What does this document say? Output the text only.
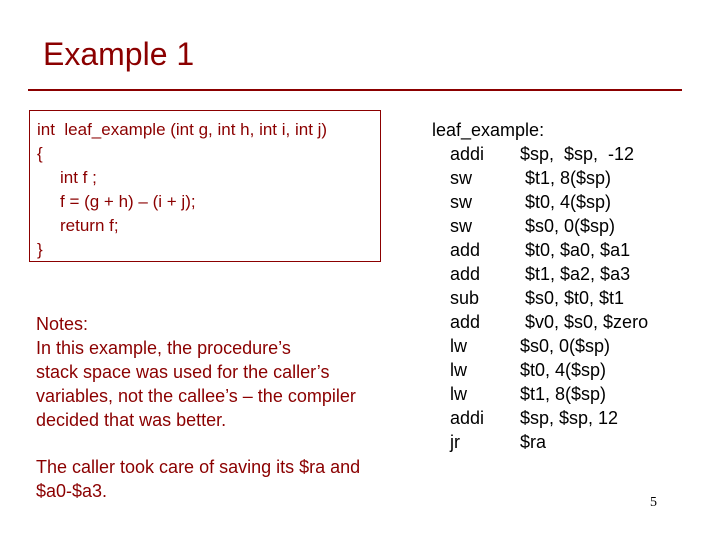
Example 1
int  leaf_example (int g, int h, int i, int j)
{
int f ;
f = (g + h) – (i + j);
return f;
}
Notes:
In this example, the procedure’s
stack space was used for the caller’s
variables, not the callee’s – the compiler
decided that was better.
The caller took care of saving its $ra and
$a0-$a3.
leaf_example:
addi $sp,  $sp,  -12
sw	$t1, 8($sp)
sw	$t0, 4($sp)
sw	$s0, 0($sp)
add $t0, $a0, $a1
add $t1, $a2, $a3
sub $s0, $t0, $t1
add $v0, $s0, $zero
lw	$s0, 0($sp)
lw	$t0, 4($sp)
lw	$t1, 8($sp)
addi $sp, $sp, 12
jr	$ra
5
